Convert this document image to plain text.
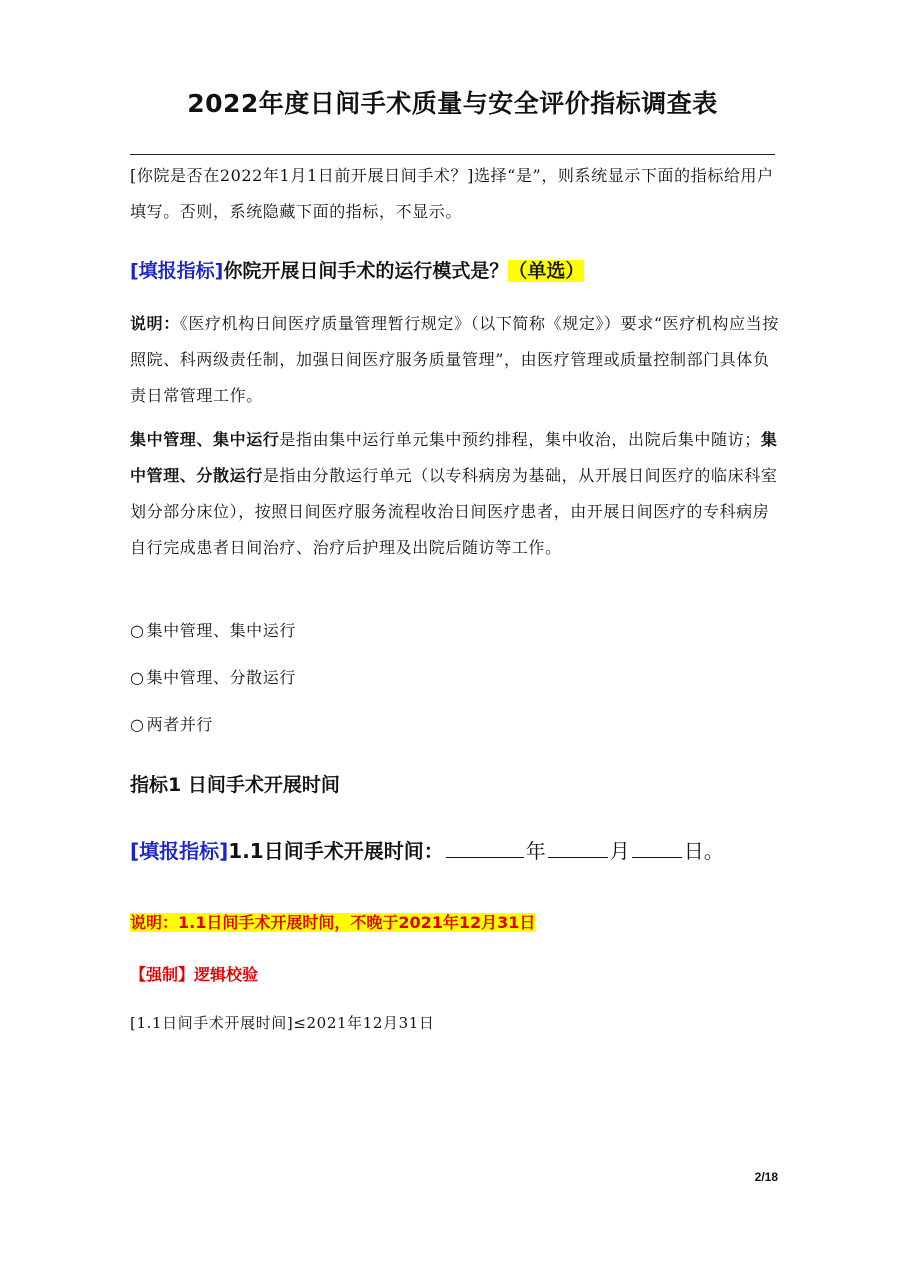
2022年度日间手术质量与安全评价指标调查表

[你院是否在2022年1月1日前开展日间手术？]选择“是”，则系统显示下面的指标给用户填写。否则，系统隐藏下面的指标，不显示。

[填报指标]你院开展日间手术的运行模式是？（单选）

说明：《医疗机构日间医疗质量管理暂行规定》（以下简称《规定》）要求“医疗机构应当按照院、科两级责任制，加强日间医疗服务质量管理”，由医疗管理或质量控制部门具体负责日常管理工作。

集中管理、集中运行是指由集中运行单元集中预约排程，集中收治，出院后集中随访；集中管理、分散运行是指由分散运行单元（以专科病房为基础，从开展日间医疗的临床科室划分部分床位），按照日间医疗服务流程收治日间医疗患者，由开展日间医疗的专科病房自行完成患者日间治疗、治疗后护理及出院后随访等工作。

○ 集中管理、集中运行
○ 集中管理、分散运行
○ 两者并行
指标1 日间手术开展时间
[填报指标]1.1日间手术开展时间：	年	月	日。
说明：1.1日间手术开展时间，不晚于2021年12月31日
【强制】逻辑校验
[1.1日间手术开展时间]≤2021年12月31日
2/18
